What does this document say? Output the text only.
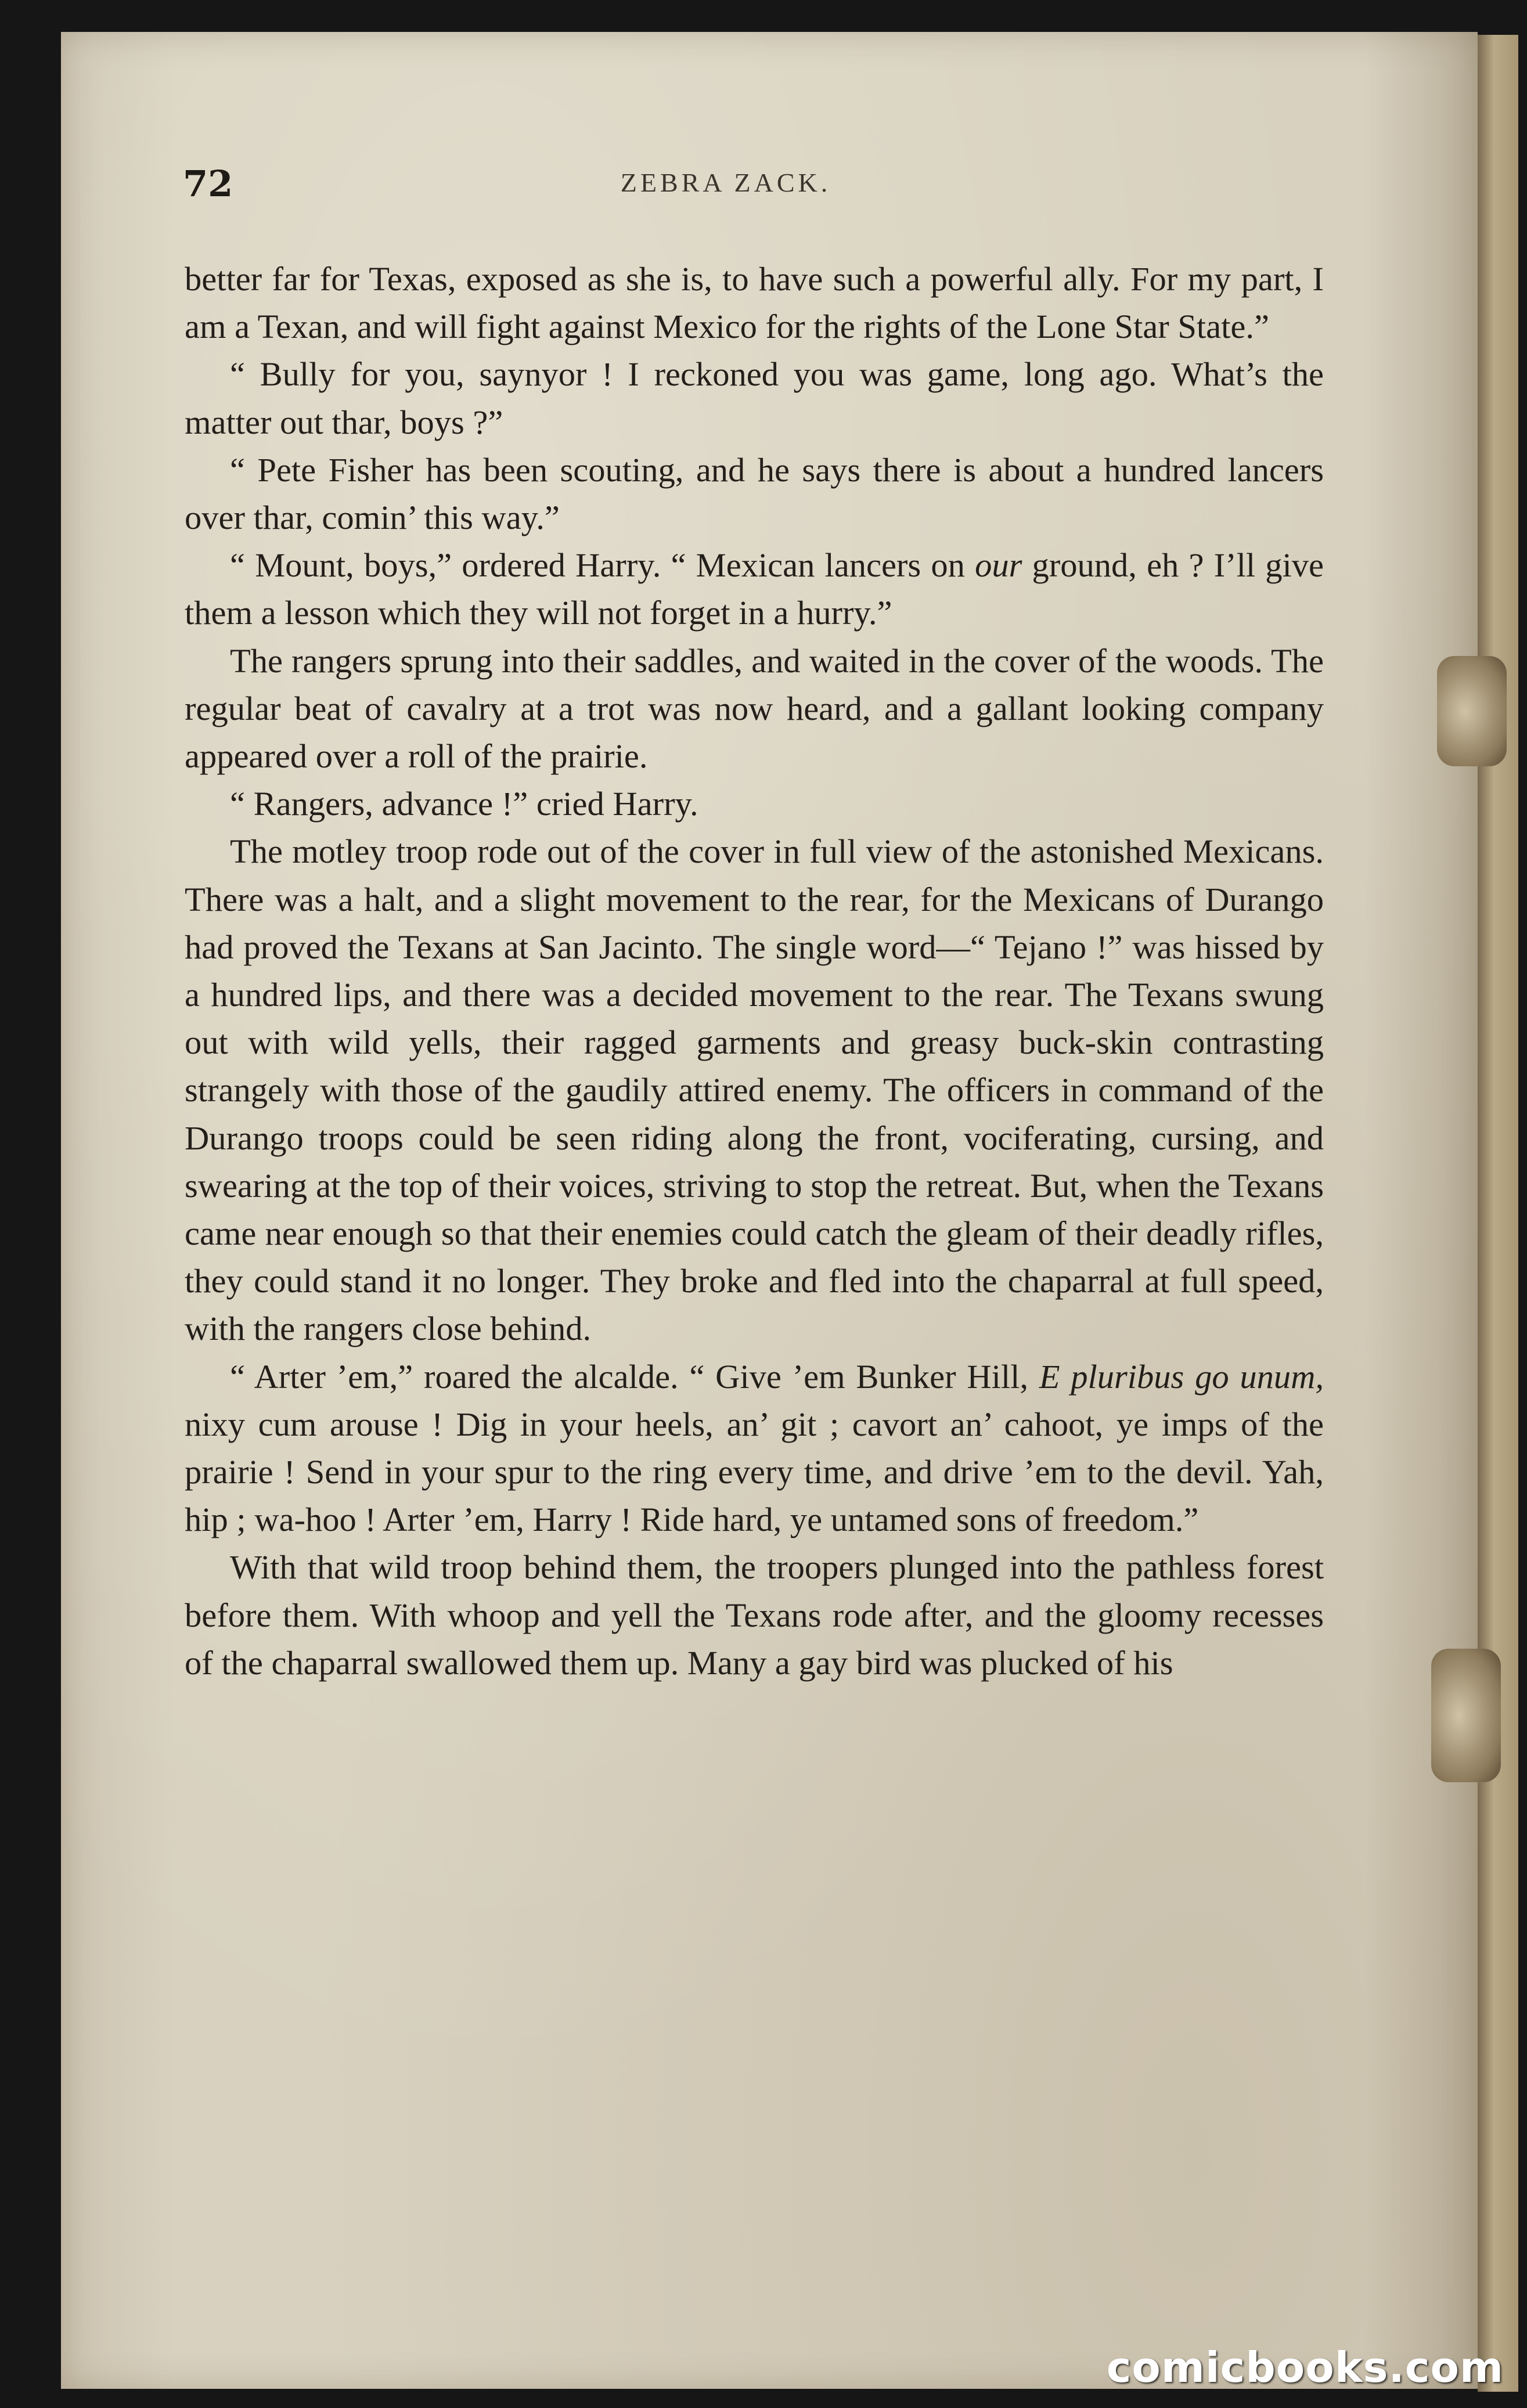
72	ZEBRA ZACK.

better far for Texas, exposed as she is, to have such a powerful ally. For my part, I am a Texan, and will fight against Mexico for the rights of the Lone Star State.”

“ Bully for you, saynyor ! I reckoned you was game, long ago. What’s the matter out thar, boys ?”

“ Pete Fisher has been scouting, and he says there is about a hundred lancers over thar, comin’ this way.”

“ Mount, boys,” ordered Harry. “ Mexican lancers on our ground, eh ? I’ll give them a lesson which they will not forget in a hurry.”

The rangers sprung into their saddles, and waited in the cover of the woods. The regular beat of cavalry at a trot was now heard, and a gallant looking company appeared over a roll of the prairie.

“ Rangers, advance !” cried Harry.

The motley troop rode out of the cover in full view of the astonished Mexicans. There was a halt, and a slight movement to the rear, for the Mexicans of Durango had proved the Texans at San Jacinto. The single word—“ Tejano !” was hissed by a hundred lips, and there was a decided movement to the rear. The Texans swung out with wild yells, their ragged garments and greasy buck-skin contrasting strangely with those of the gaudily attired enemy. The officers in command of the Durango troops could be seen riding along the front, vociferating, cursing, and swearing at the top of their voices, striving to stop the retreat. But, when the Texans came near enough so that their enemies could catch the gleam of their deadly rifles, they could stand it no longer. They broke and fled into the chaparral at full speed, with the rangers close behind.

“ Arter ’em,” roared the alcalde. “ Give ’em Bunker Hill, E pluribus go unum, nixy cum arouse ! Dig in your heels, an’ git ; cavort an’ cahoot, ye imps of the prairie ! Send in your spur to the ring every time, and drive ’em to the devil. Yah, hip ; wa-hoo ! Arter ’em, Harry ! Ride hard, ye untamed sons of freedom.”

With that wild troop behind them, the troopers plunged into the pathless forest before them. With whoop and yell the Texans rode after, and the gloomy recesses of the chaparral swallowed them up. Many a gay bird was plucked of his

comicbooks.com
